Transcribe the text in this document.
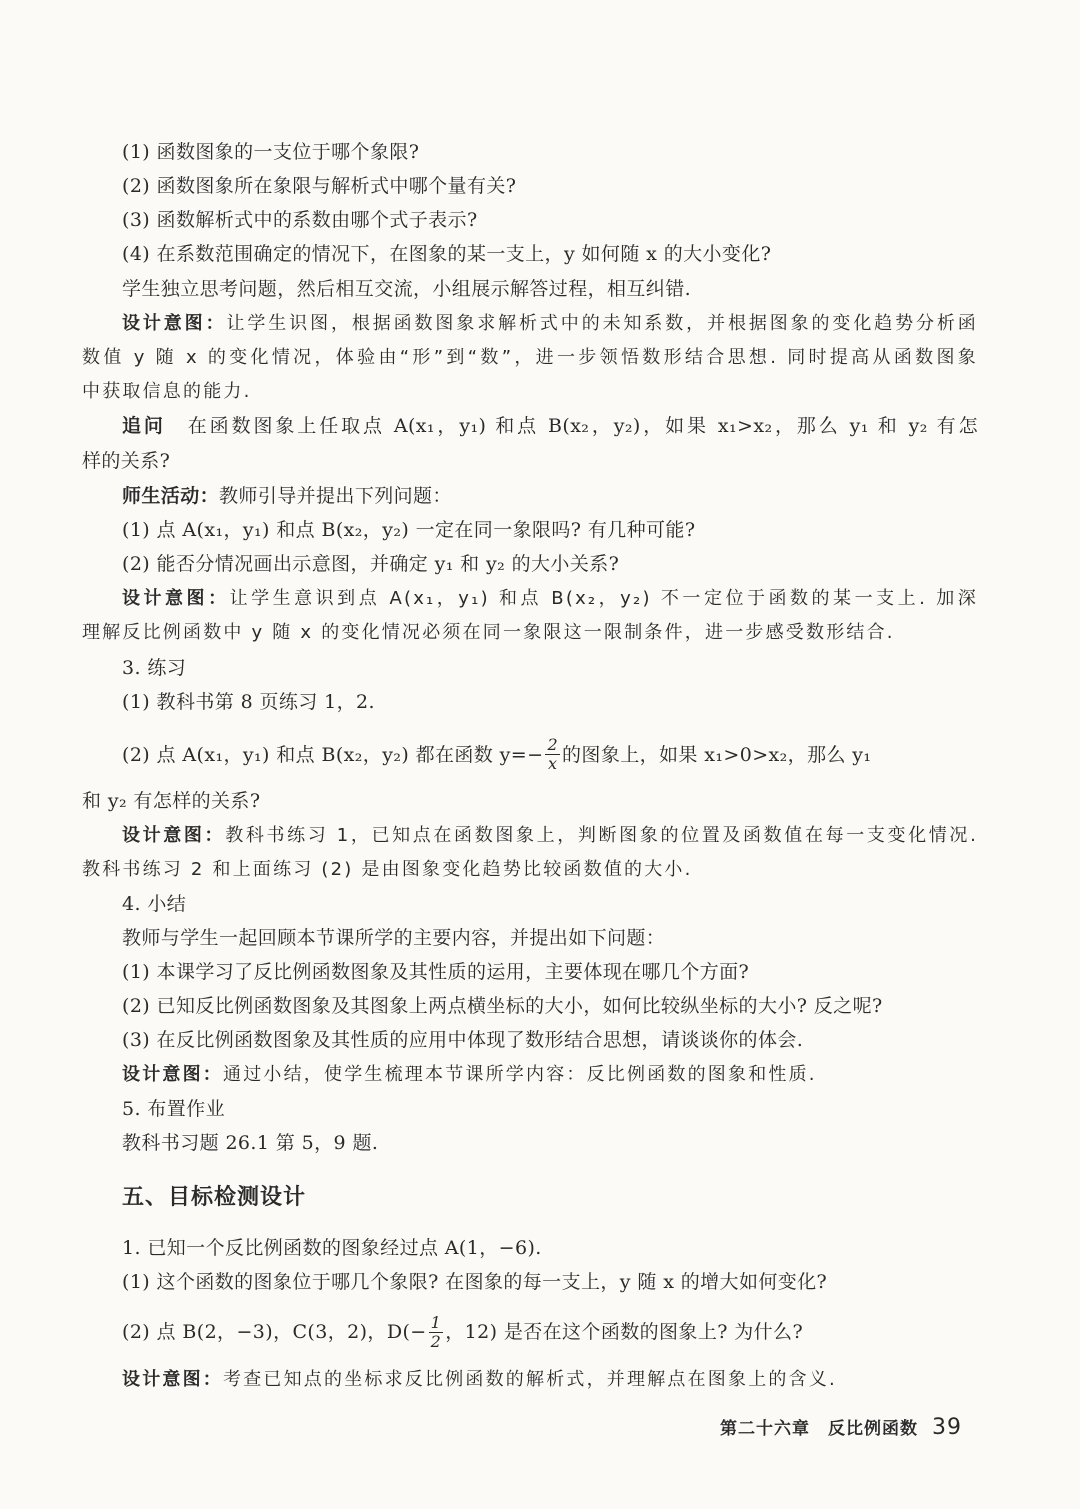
(1) 函数图象的一支位于哪个象限?
(2) 函数图象所在象限与解析式中哪个量有关?
(3) 函数解析式中的系数由哪个式子表示?
(4) 在系数范围确定的情况下，在图象的某一支上，y 如何随 x 的大小变化?
学生独立思考问题，然后相互交流，小组展示解答过程，相互纠错.
设计意图：让学生识图，根据函数图象求解析式中的未知系数，并根据图象的变化趋势分析函
数值 y 随 x 的变化情况，体验由“形”到“数”，进一步领悟数形结合思想. 同时提高从函数图象
中获取信息的能力.
追问　 在函数图象上任取点 A(x₁，y₁) 和点 B(x₂，y₂)，如果 x₁>x₂，那么 y₁ 和 y₂ 有怎
样的关系?
师生活动：教师引导并提出下列问题：
(1) 点 A(x₁，y₁) 和点 B(x₂，y₂) 一定在同一象限吗? 有几种可能?
(2) 能否分情况画出示意图，并确定 y₁ 和 y₂ 的大小关系?
设计意图：让学生意识到点 A(x₁，y₁) 和点 B(x₂，y₂) 不一定位于函数的某一支上. 加深
理解反比例函数中 y 随 x 的变化情况必须在同一象限这一限制条件，进一步感受数形结合.
3. 练习
(1) 教科书第 8 页练习 1，2.
(2) 点 A(x₁，y₁) 和点 B(x₂，y₂) 都在函数 $y=- \frac{2}{x}$ 的图象上，如果 x₁>0>x₂，那么 y₁
和 y₂ 有怎样的关系?
设计意图：教科书练习 1，已知点在函数图象上，判断图象的位置及函数值在每一支变化情况.
教科书练习 2 和上面练习 (2) 是由图象变化趋势比较函数值的大小.
4. 小结
教师与学生一起回顾本节课所学的主要内容，并提出如下问题：
(1) 本课学习了反比例函数图象及其性质的运用，主要体现在哪几个方面?
(2) 已知反比例函数图象及其图象上两点横坐标的大小，如何比较纵坐标的大小? 反之呢?
(3) 在反比例函数图象及其性质的应用中体现了数形结合思想，请谈谈你的体会.
设计意图：通过小结，使学生梳理本节课所学内容：反比例函数的图象和性质.
5. 布置作业
教科书习题 26.1 第 5，9 题.
五、目标检测设计
1. 已知一个反比例函数的图象经过点 A(1，−6).
(1) 这个函数的图象位于哪几个象限? 在图象的每一支上，y 随 x 的增大如何变化?
(2) 点 B(2，−3)，C(3，2)，$D(- \frac{1}{2}$ ，12) 是否在这个函数的图象上? 为什么?
设计意图：考查已知点的坐标求反比例函数的解析式，并理解点在图象上的含义.
第二十六章　反比例函数 39
